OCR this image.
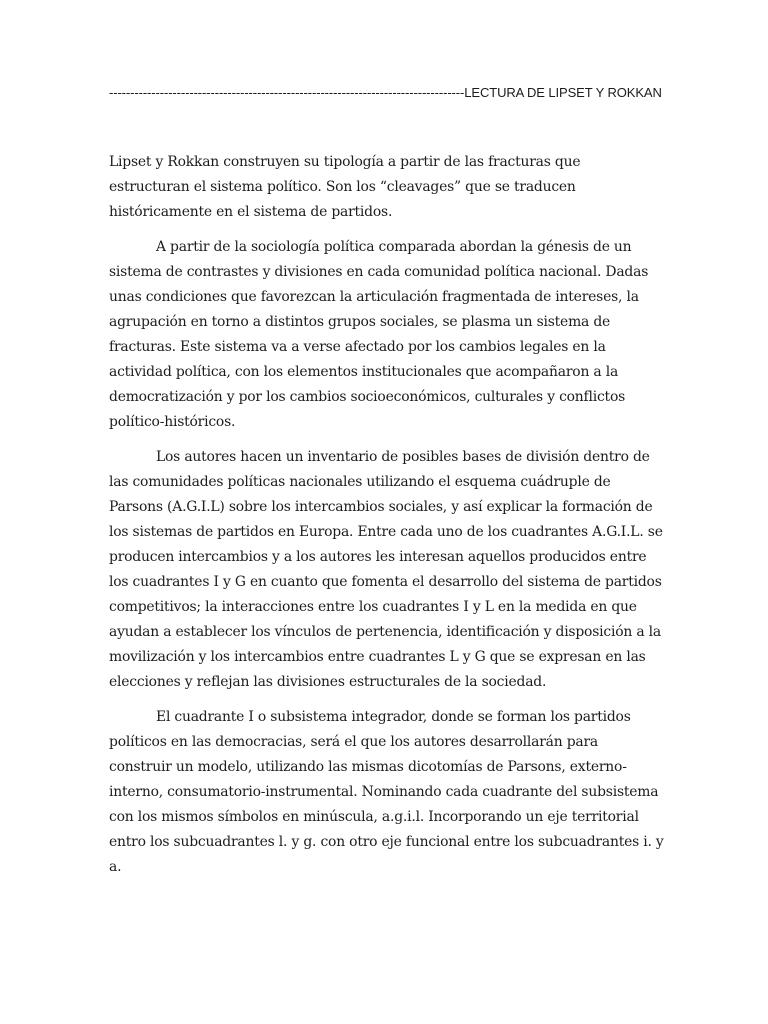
------------------------------------------------------------------------------------LECTURA DE LIPSET Y ROKKAN

Lipset y Rokkan construyen su tipología a partir de las fracturas que estructuran el sistema político. Son los “cleavages” que se traducen históricamente en el sistema de partidos.

A partir de la sociología política comparada abordan la génesis de un sistema de contrastes y divisiones en cada comunidad política nacional. Dadas unas condiciones que favorezcan la articulación fragmentada de intereses, la agrupación en torno a distintos grupos sociales, se plasma un sistema de fracturas. Este sistema va a verse afectado por los cambios legales en la actividad política, con los elementos institucionales que acompañaron a la democratización y por los cambios socioeconómicos, culturales y conflictos político-históricos.

Los autores hacen un inventario de posibles bases de división dentro de las comunidades políticas nacionales utilizando el esquema cuádruple de Parsons (A.G.I.L) sobre los intercambios sociales, y así explicar la formación de los sistemas de partidos en Europa. Entre cada uno de los cuadrantes A.G.I.L. se producen intercambios y a los autores les interesan aquellos producidos entre los cuadrantes I y G en cuanto que fomenta el desarrollo del sistema de partidos competitivos; la interacciones entre los cuadrantes I y L en la medida en que ayudan a establecer los vínculos de pertenencia, identificación y disposición a la movilización y los intercambios entre cuadrantes L y G que se expresan en las elecciones y reflejan las divisiones estructurales de la sociedad.

El cuadrante I o subsistema integrador, donde se forman los partidos políticos en las democracias, será el que los autores desarrollarán para construir un modelo, utilizando las mismas dicotomías de Parsons, externo-interno, consumatorio-instrumental. Nominando cada cuadrante del subsistema con los mismos símbolos en minúscula, a.g.i.l. Incorporando un eje territorial entro los subcuadrantes l. y g. con otro eje funcional entre los subcuadrantes i. y a.
